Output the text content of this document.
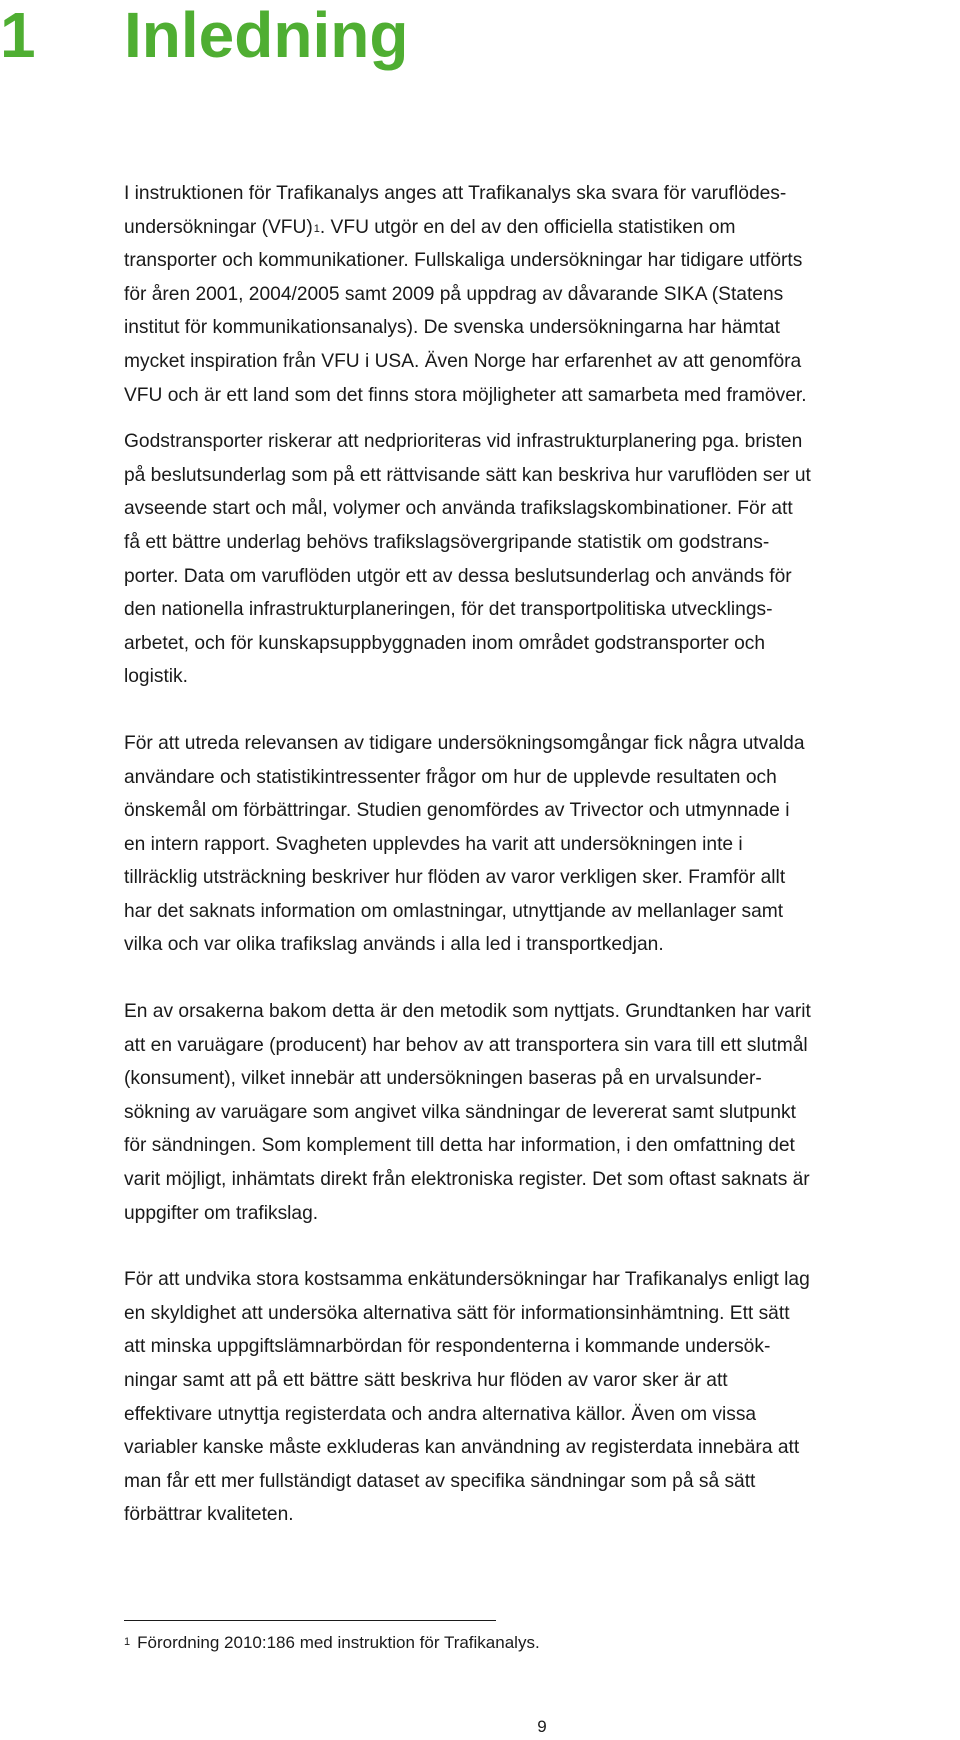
1 Inledning

I instruktionen för Trafikanalys anges att Trafikanalys ska svara för varuflödes-
undersökningar (VFU)$^1$. VFU utgör en del av den officiella statistiken om
transporter och kommunikationer. Fullskaliga undersökningar har tidigare utförts
för åren 2001, 2004/2005 samt 2009 på uppdrag av dåvarande SIKA (Statens
institut för kommunikationsanalys). De svenska undersökningarna har hämtat
mycket inspiration från VFU i USA. Även Norge har erfarenhet av att genomföra
VFU och är ett land som det finns stora möjligheter att samarbeta med framöver.

Godstransporter riskerar att nedprioriteras vid infrastrukturplanering pga. bristen
på beslutsunderlag som på ett rättvisande sätt kan beskriva hur varuflöden ser ut
avseende start och mål, volymer och använda trafikslagskombinationer. För att
få ett bättre underlag behövs trafikslagsövergripande statistik om godstrans-
porter. Data om varuflöden utgör ett av dessa beslutsunderlag och används för
den nationella infrastrukturplaneringen, för det transportpolitiska utvecklings-
arbetet, och för kunskapsuppbyggnaden inom området godstransporter och
logistik.

För att utreda relevansen av tidigare undersökningsomgångar fick några utvalda
användare och statistikintressenter frågor om hur de upplevde resultaten och
önskemål om förbättringar. Studien genomfördes av Trivector och utmynnade i
en intern rapport. Svagheten upplevdes ha varit att undersökningen inte i
tillräcklig utsträckning beskriver hur flöden av varor verkligen sker. Framför allt
har det saknats information om omlastningar, utnyttjande av mellanlager samt
vilka och var olika trafikslag används i alla led i transportkedjan.

En av orsakerna bakom detta är den metodik som nyttjats. Grundtanken har varit
att en varuägare (producent) har behov av att transportera sin vara till ett slutmål
(konsument), vilket innebär att undersökningen baseras på en urvalsunder-
sökning av varuägare som angivet vilka sändningar de levererat samt slutpunkt
för sändningen. Som komplement till detta har information, i den omfattning det
varit möjligt, inhämtats direkt från elektroniska register. Det som oftast saknats är
uppgifter om trafikslag.

För att undvika stora kostsamma enkätundersökningar har Trafikanalys enligt lag
en skyldighet att undersöka alternativa sätt för informationsinhämtning. Ett sätt
att minska uppgiftslämnarbördan för respondenterna i kommande undersök-
ningar samt att på ett bättre sätt beskriva hur flöden av varor sker är att
effektivare utnyttja registerdata och andra alternativa källor. Även om vissa
variabler kanske måste exkluderas kan användning av registerdata innebära att
man får ett mer fullständigt dataset av specifika sändningar som på så sätt
förbättrar kvaliteten.

$^1$ Förordning 2010:186 med instruktion för Trafikanalys.
9
